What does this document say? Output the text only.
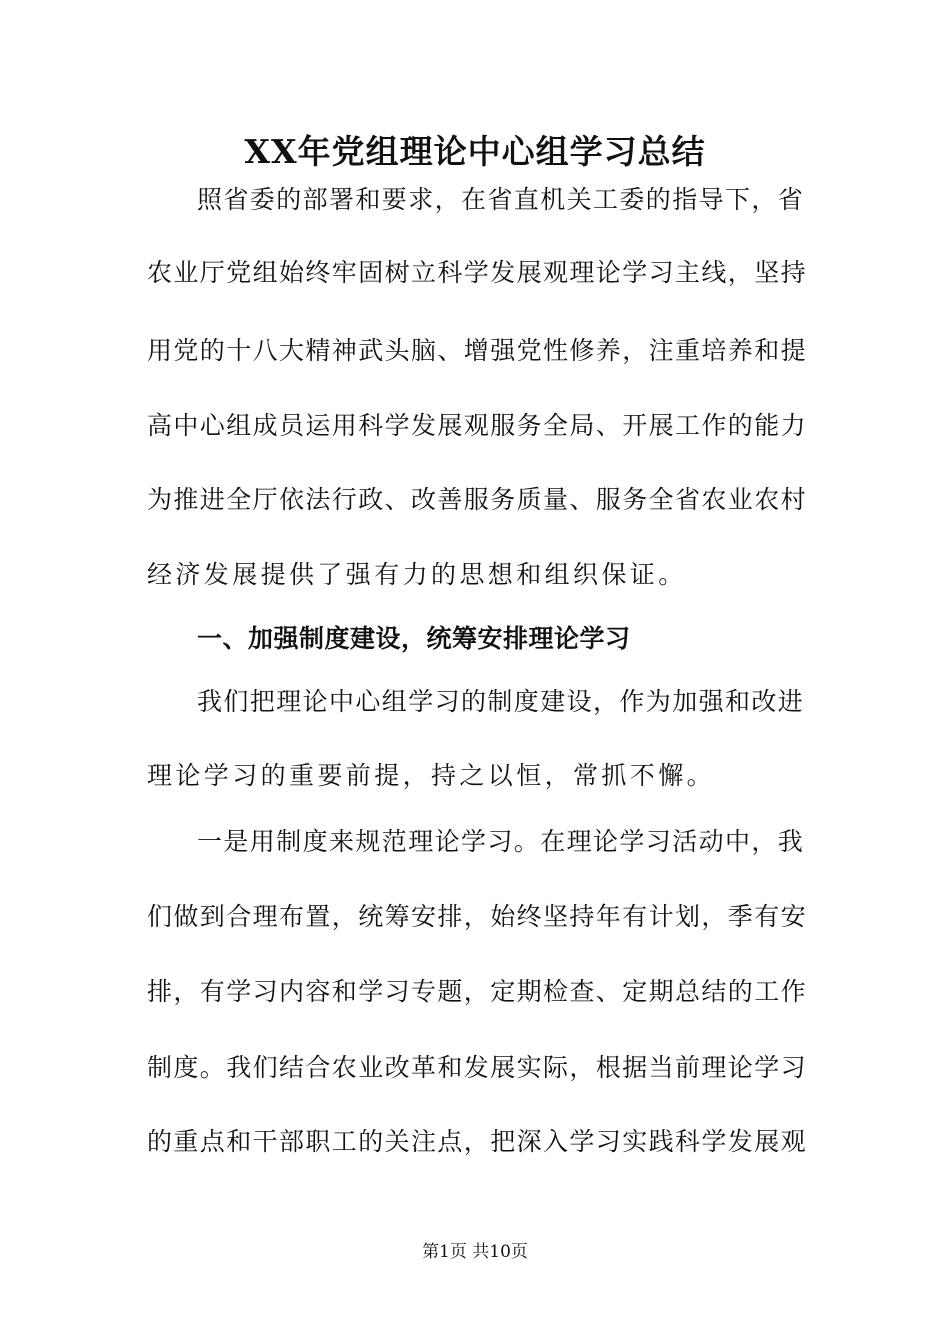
XX年党组理论中心组学习总结

照省委的部署和要求，在省直机关工委的指导下，省

农业厅党组始终牢固树立科学发展观理论学习主线，坚持

用党的十八大精神武头脑、增强党性修养，注重培养和提

高中心组成员运用科学发展观服务全局、开展工作的能力

为推进全厅依法行政、改善服务质量、服务全省农业农村

经济发展提供了强有力的思想和组织保证。

一、加强制度建设，统筹安排理论学习

我们把理论中心组学习的制度建设，作为加强和改进

理论学习的重要前提，持之以恒，常抓不懈。

一是用制度来规范理论学习。在理论学习活动中，我

们做到合理布置，统筹安排，始终坚持年有计划，季有安

排，有学习内容和学习专题，定期检查、定期总结的工作

制度。我们结合农业改革和发展实际，根据当前理论学习

的重点和干部职工的关注点，把深入学习实践科学发展观

第1页 共10页
